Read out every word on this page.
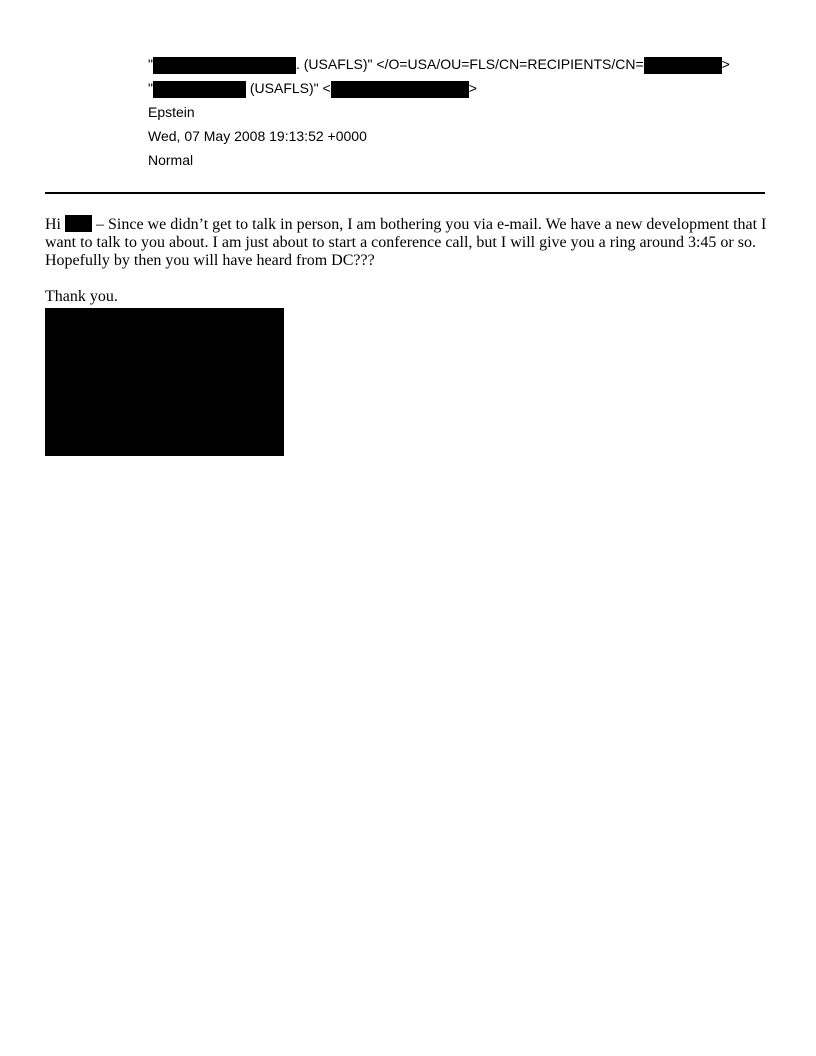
"	. (USAFLS)" </O=USA/OU=FLS/CN=RECIPIENTS/CN=	>
"	(USAFLS)" <	>
Epstein
Wed, 07 May 2008 19:13:52 +0000
Normal

Hi  – Since we didn’t get to talk in person, I am bothering you via e-mail. We have a new development that I want to talk to you about. I am just about to start a conference call, but I will give you a ring around 3:45 or so. Hopefully by then you will have heard from DC???

Thank you.
